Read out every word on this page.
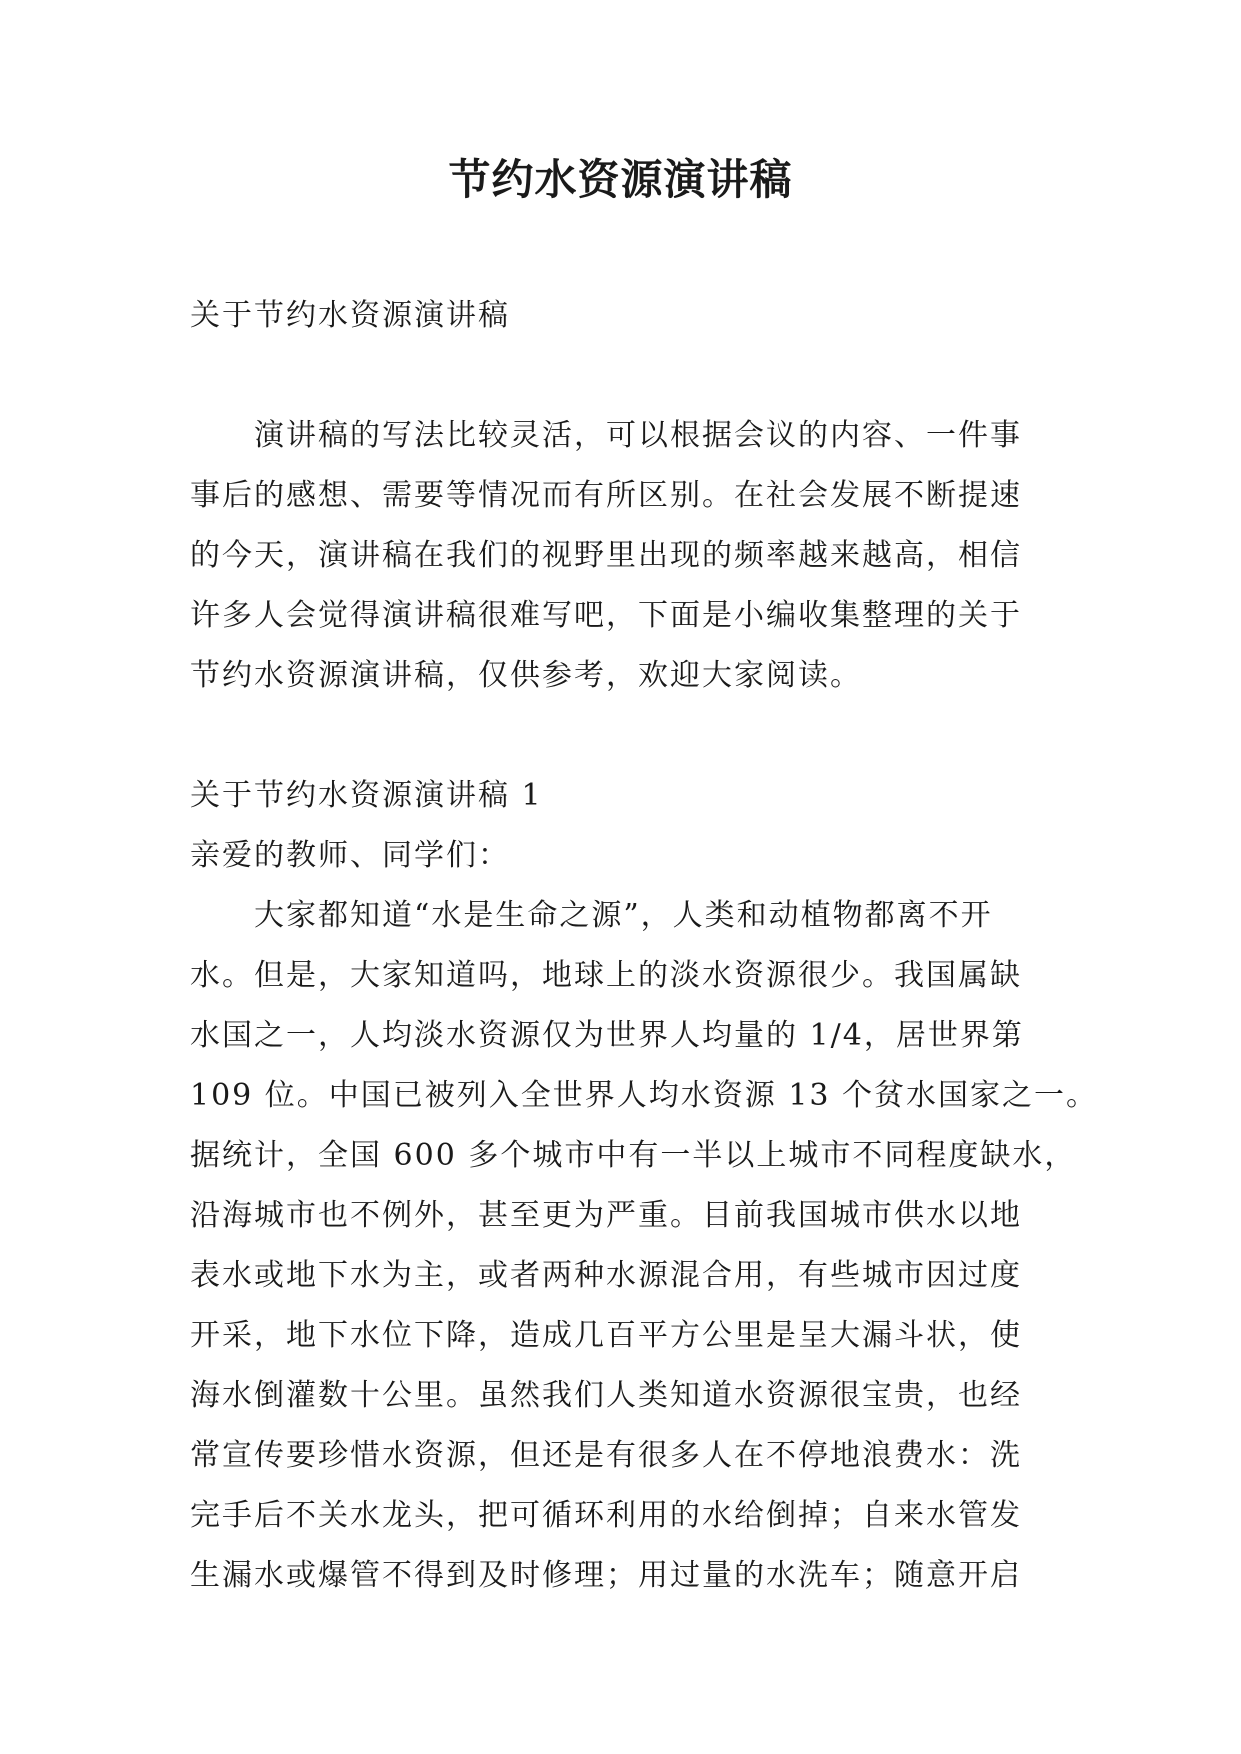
节约水资源演讲稿
关于节约水资源演讲稿
演讲稿的写法比较灵活，可以根据会议的内容、一件事
事后的感想、需要等情况而有所区别。在社会发展不断提速
的今天，演讲稿在我们的视野里出现的频率越来越高，相信
许多人会觉得演讲稿很难写吧，下面是小编收集整理的关于
节约水资源演讲稿，仅供参考，欢迎大家阅读。
关于节约水资源演讲稿 1
亲爱的教师、同学们：
大家都知道“水是生命之源”，人类和动植物都离不开
水。但是，大家知道吗，地球上的淡水资源很少。我国属缺
水国之一，人均淡水资源仅为世界人均量的 1/4，居世界第
109 位。中国已被列入全世界人均水资源 13 个贫水国家之一。
据统计，全国 600 多个城市中有一半以上城市不同程度缺水，
沿海城市也不例外，甚至更为严重。目前我国城市供水以地
表水或地下水为主，或者两种水源混合用，有些城市因过度
开采，地下水位下降，造成几百平方公里是呈大漏斗状，使
海水倒灌数十公里。虽然我们人类知道水资源很宝贵，也经
常宣传要珍惜水资源，但还是有很多人在不停地浪费水：洗
完手后不关水龙头，把可循环利用的水给倒掉；自来水管发
生漏水或爆管不得到及时修理；用过量的水洗车；随意开启
